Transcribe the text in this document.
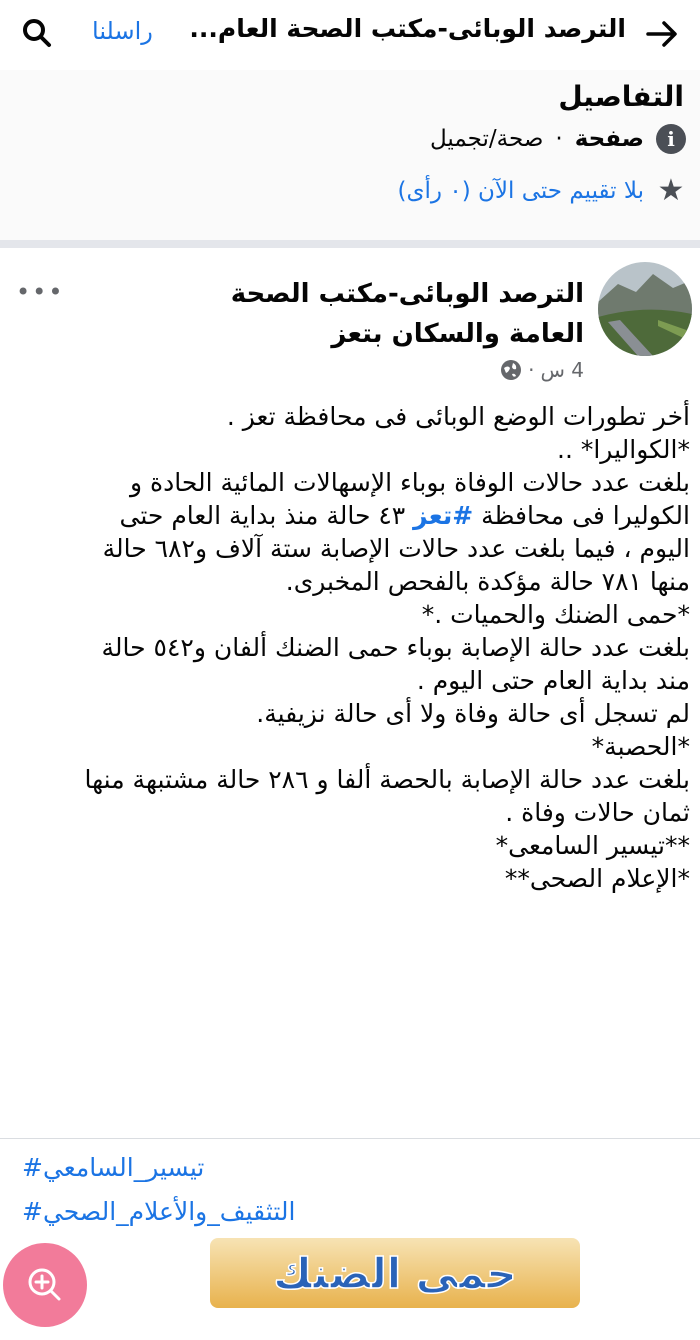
الترصد الوبائى-مكتب الصحة العام...
راسلنا
التفاصيل
i
صفحة
·
صحة/تجميل
★
بلا تقييم حتى الآن (٠ رأى)
الترصد الوبائى-مكتب الصحة العامة والسكان بتعز
•••
4 س
·

أخر تطورات الوضع الوبائى فى محافظة تعز .

*الكواليرا* ..

بلغت عدد حالات الوفاة بوباء الإسهالات المائية الحادة و

الكوليرا فى محافظة #تعز ٤٣ حالة منذ بداية العام حتى

اليوم ، فيما بلغت عدد حالات الإصابة ستة آلاف و٦٨٢ حالة

منها ٧٨١ حالة مؤكدة بالفحص المخبرى.

*حمى الضنك والحميات .*

بلغت عدد حالة الإصابة بوباء حمى الضنك ألفان و٥٤٢ حالة

مند بداية العام حتى اليوم .

لم تسجل أى حالة وفاة ولا أى حالة نزيفية.

*الحصبة*

بلغت عدد حالة الإصابة بالحصة ألفا و ٢٨٦ حالة مشتبهة منها

ثمان حالات وفاة .

**تيسير السامعى*

*الإعلام الصحى**

تيسير_السامعي#
التثقيف_والأعلام_الصحي#
حمى الضنك
